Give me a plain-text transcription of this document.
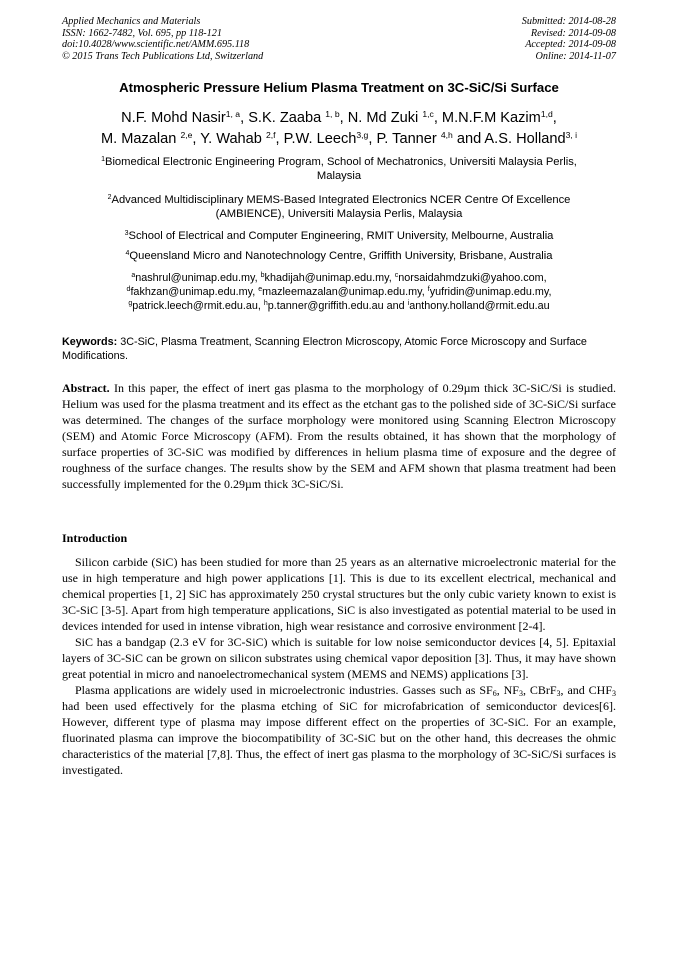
Applied Mechanics and Materials
ISSN: 1662-7482, Vol. 695, pp 118-121
doi:10.4028/www.scientific.net/AMM.695.118
© 2015 Trans Tech Publications Ltd, Switzerland
Submitted: 2014-08-28
Revised: 2014-09-08
Accepted: 2014-09-08
Online: 2014-11-07
Atmospheric Pressure Helium Plasma Treatment on 3C-SiC/Si Surface
N.F. Mohd Nasir$^{1, a}$, S.K. Zaaba $^{1, b}$, N. Md Zuki $^{1,c}$, M.N.F.M Kazim$^{1,d}$,
M. Mazalan $^{2,e}$, Y. Wahab $^{2,f}$, P.W. Leech$^{3,g}$, P. Tanner $^{4,h}$ and A.S. Holland$^{3, i}$
$^1$Biomedical Electronic Engineering Program, School of Mechatronics, Universiti Malaysia Perlis,
Malaysia
$^2$Advanced Multidisciplinary MEMS-Based Integrated Electronics NCER Centre Of Excellence
(AMBIENCE), Universiti Malaysia Perlis, Malaysia
$^3$School of Electrical and Computer Engineering, RMIT University, Melbourne, Australia
$^4$Queensland Micro and Nanotechnology Centre, Griffith University, Brisbane, Australia
$^a$nashrul@unimap.edu.my, $^b$khadijah@unimap.edu.my, $^c$norsaidahmdzuki@yahoo.com,
$^d$fakhzan@unimap.edu.my, $^e$mazleemazalan@unimap.edu.my, $^f$yufridin@unimap.edu.my,
$^g$patrick.leech@rmit.edu.au, $^h$p.tanner@griffith.edu.au and $^i$anthony.holland@rmit.edu.au
Keywords: 3C-SiC, Plasma Treatment, Scanning Electron Microscopy, Atomic Force Microscopy and Surface Modifications.
Abstract. In this paper, the effect of inert gas plasma to the morphology of 0.29µm thick 3C-SiC/Si is studied. Helium was used for the plasma treatment and its effect as the etchant gas to the polished side of 3C-SiC/Si surface was determined. The changes of the surface morphology were monitored using Scanning Electron Microscopy (SEM) and Atomic Force Microscopy (AFM). From the results obtained, it has shown that the morphology of surface properties of 3C-SiC was modified by differences in helium plasma time of exposure and the degree of roughness of the surface changes. The results show by the SEM and AFM shown that plasma treatment had been successfully implemented for the 0.29µm thick 3C-SiC/Si.
Introduction

Silicon carbide (SiC) has been studied for more than 25 years as an alternative microelectronic material for the use in high temperature and high power applications [1]. This is due to its excellent electrical, mechanical and chemical properties [1, 2] SiC has approximately 250 crystal structures but the only cubic variety known to exist is 3C-SiC [3-5]. Apart from high temperature applications, SiC is also investigated as potential material to be used in devices intended for used in intense vibration, high wear resistance and corrosive environment [2-4].

SiC has a bandgap (2.3 eV for 3C-SiC) which is suitable for low noise semiconductor devices [4, 5]. Epitaxial layers of 3C-SiC can be grown on silicon substrates using chemical vapor deposition [3]. Thus, it may have shown great potential in micro and nanoelectromechanical system (MEMS and NEMS) applications [3].

Plasma applications are widely used in microelectronic industries. Gasses such as $SF_6$, $NF_3$, CBrF$_3$, and $CHF_3$ had been used effectively for the plasma etching of SiC for microfabrication of semiconductor devices[6]. However, different type of plasma may impose different effect on the properties of 3C-SiC. For an example, fluorinated plasma can improve the biocompatibility of 3C-SiC but on the other hand, this decreases the ohmic characteristics of the material [7,8]. Thus, the effect of inert gas plasma to the morphology of 3C-SiC/Si surfaces is investigated.
